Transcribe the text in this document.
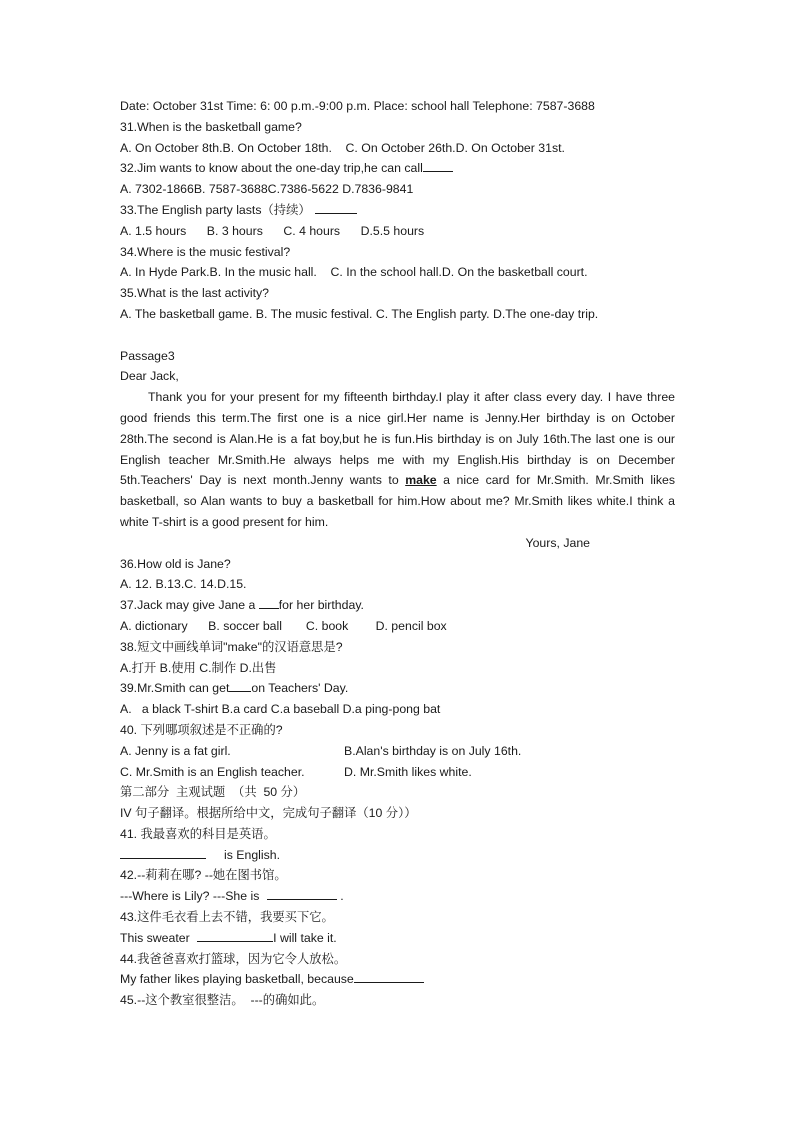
Date: October 31st Time: 6: 00 p.m.-9:00 p.m. Place: school hall Telephone: 7587-3688
31.When is the basketball game?
A. On October 8th.B. On October 18th.    C. On October 26th.D. On October 31st.
32.Jim wants to know about the one-day trip,he can call
A. 7302-1866B. 7587-3688C.7386-5622 D.7836-9841
33.The English party lasts（持续）
A. 1.5 hours      B. 3 hours      C. 4 hours      D.5.5 hours
34.Where is the music festival?
A. In Hyde Park.B. In the music hall.    C. In the school hall.D. On the basketball court.
35.What is the last activity?
A. The basketball game. B. The music festival. C. The English party. D.The one-day trip.
Passage3
Dear Jack,
Thank you for your present for my fifteenth birthday.I play it after class every day. I have three good friends this term.The first one is a nice girl.Her name is Jenny.Her birthday is on October 28th.The second is Alan.He is a fat boy,but he is fun.His birthday is on July 16th.The last one is our English teacher Mr.Smith.He always helps me with my English.His birthday is on December 5th.Teachers' Day is next month.Jenny wants to make a nice card for Mr.Smith. Mr.Smith likes basketball, so Alan wants to buy a basketball for him.How about me? Mr.Smith likes white.I think a white T-shirt is a good present for him.
Yours, Jane
36.How old is Jane?
A. 12. B.13.C. 14.D.15.
37.Jack may give Jane a for her birthday.
A. dictionary      B. soccer ball       C. book        D. pencil box
38.短文中画线单词"make"的汉语意思是?
A.打开 B.使用 C.制作 D.出售
39.Mr.Smith can get on Teachers' Day.
A.   a black T-shirt B.a card C.a baseball D.a ping-pong bat
40. 下列哪项叙述是不正确的?
A. Jenny is a fat girl.	B.Alan's birthday is on July 16th.
C. Mr.Smith is an English teacher.	D. Mr.Smith likes white.
第二部分  主观试题  （共  50 分）
IV 句子翻译。根据所给中文，完成句子翻译（10 分））
41. 我最喜欢的科目是英语。
is English.
42.--莉莉在哪? --她在图书馆。
---Where is Lily? ---She is	.
43.这件毛衣看上去不错，我要买下它。
This sweater	I will take it.
44.我爸爸喜欢打篮球，因为它令人放松。
My father likes playing basketball, because
45.--这个教室很整洁。  ---的确如此。
